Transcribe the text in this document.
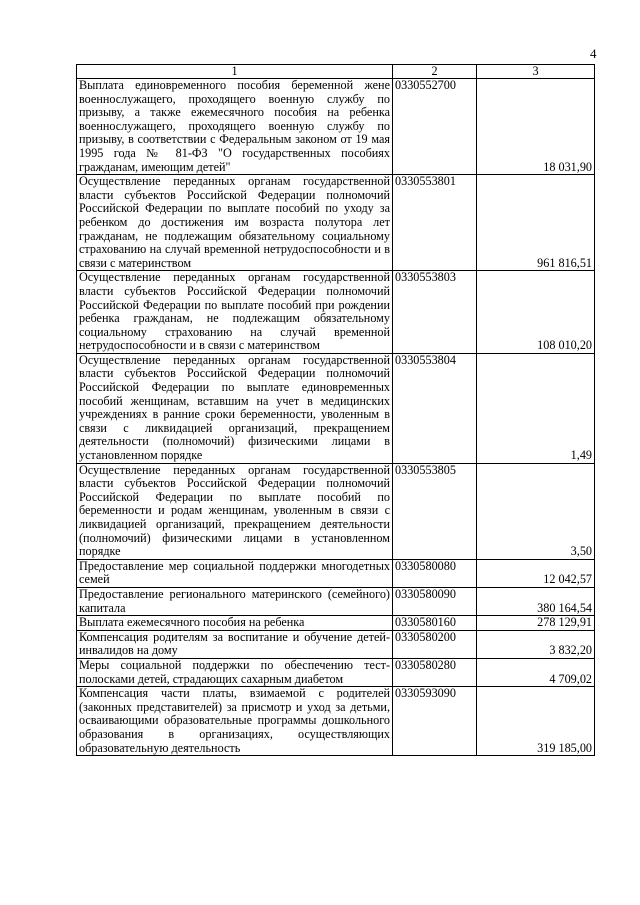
4
1	2	3
Выплата единовременного пособия беременной жене военнослужащего, проходящего военную службу по призыву, а также ежемесячного пособия на ребенка военнослужащего, проходящего военную службу по призыву, в соответствии с Федеральным законом от 19 мая 1995 года № 81-ФЗ "О государственных пособиях гражданам, имеющим детей"	0330552700	18 031,90
Осуществление переданных органам государственной власти субъектов Российской Федерации полномочий Российской Федерации по выплате пособий по уходу за ребенком до достижения им возраста полутора лет гражданам, не подлежащим обязательному социальному страхованию на случай временной нетрудоспособности и в связи с материнством	0330553801	961 816,51
Осуществление переданных органам государственной власти субъектов Российской Федерации полномочий Российской Федерации по выплате пособий при рождении ребенка гражданам, не подлежащим обязательному социальному страхованию на случай временной нетрудоспособности и в связи с материнством	0330553803	108 010,20
Осуществление переданных органам государственной власти субъектов Российской Федерации полномочий Российской Федерации по выплате единовременных пособий женщинам, вставшим на учет в медицинских учреждениях в ранние сроки беременности, уволенным в связи с ликвидацией организаций, прекращением деятельности (полномочий) физическими лицами в установленном порядке	0330553804	1,49
Осуществление переданных органам государственной власти субъектов Российской Федерации полномочий Российской Федерации по выплате пособий по беременности и родам женщинам, уволенным в связи с ликвидацией организаций, прекращением деятельности (полномочий) физическими лицами в установленном порядке	0330553805	3,50
Предоставление мер социальной поддержки многодетных семей	0330580080	12 042,57
Предоставление регионального материнского (семейного) капитала	0330580090	380 164,54
Выплата ежемесячного пособия на ребенка	0330580160	278 129,91
Компенсация родителям за воспитание и обучение детей-инвалидов на дому	0330580200	3 832,20
Меры социальной поддержки по обеспечению тест-полосками детей, страдающих сахарным диабетом	0330580280	4 709,02
Компенсация части платы, взимаемой с родителей (законных представителей) за присмотр и уход за детьми, осваивающими образовательные программы дошкольного образования в организациях, осуществляющих образовательную деятельность	0330593090	319 185,00
